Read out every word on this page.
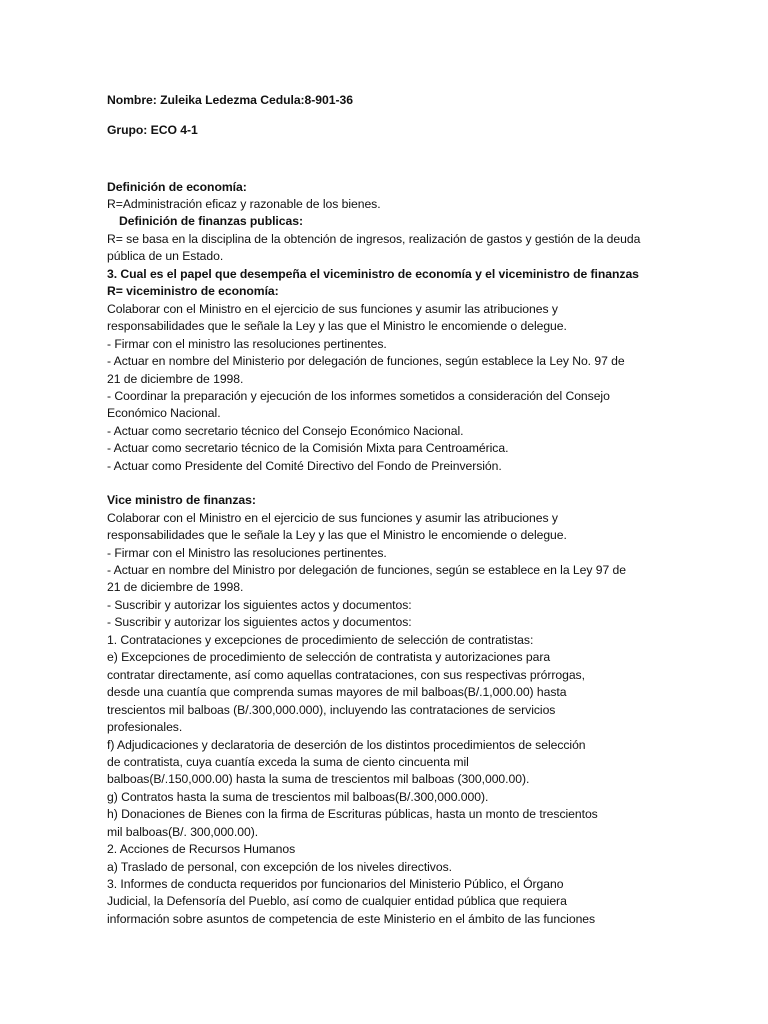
Nombre: Zuleika Ledezma Cedula:8-901-36
Grupo: ECO 4-1
Definición de economía:
R=Administración eficaz y razonable de los bienes.
Definición de finanzas publicas:
R= se basa en la disciplina de la obtención de ingresos, realización de gastos y gestión de la deuda
pública de un Estado.
3. Cual es el papel que desempeña el viceministro de economía y el viceministro de finanzas
R= viceministro de economía:
Colaborar con el Ministro en el ejercicio de sus funciones y asumir las atribuciones y
responsabilidades que le señale la Ley y las que el Ministro le encomiende o delegue.
- Firmar con el ministro las resoluciones pertinentes.
- Actuar en nombre del Ministerio por delegación de funciones, según establece la Ley No. 97 de
21 de diciembre de 1998.
- Coordinar la preparación y ejecución de los informes sometidos a consideración del Consejo
Económico Nacional.
- Actuar como secretario técnico del Consejo Económico Nacional.
- Actuar como secretario técnico de la Comisión Mixta para Centroamérica.
- Actuar como Presidente del Comité Directivo del Fondo de Preinversión.
Vice ministro de finanzas:
Colaborar con el Ministro en el ejercicio de sus funciones y asumir las atribuciones y
responsabilidades que le señale la Ley y las que el Ministro le encomiende o delegue.
- Firmar con el Ministro las resoluciones pertinentes.
- Actuar en nombre del Ministro por delegación de funciones, según se establece en la Ley 97 de
21 de diciembre de 1998.
- Suscribir y autorizar los siguientes actos y documentos:
- Suscribir y autorizar los siguientes actos y documentos:
1. Contrataciones y excepciones de procedimiento de selección de contratistas:
e) Excepciones de procedimiento de selección de contratista y autorizaciones para
contratar directamente, así como aquellas contrataciones, con sus respectivas prórrogas,
desde una cuantía que comprenda sumas mayores de mil balboas(B/.1,000.00) hasta
trescientos mil balboas (B/.300,000.000), incluyendo las contrataciones de servicios
profesionales.
f) Adjudicaciones y declaratoria de deserción de los distintos procedimientos de selección
de contratista, cuya cuantía exceda la suma de ciento cincuenta mil
balboas(B/.150,000.00) hasta la suma de trescientos mil balboas (300,000.00).
g) Contratos hasta la suma de trescientos mil balboas(B/.300,000.000).
h) Donaciones de Bienes con la firma de Escrituras públicas, hasta un monto de trescientos
mil balboas(B/. 300,000.00).
2. Acciones de Recursos Humanos
a) Traslado de personal, con excepción de los niveles directivos.
3. Informes de conducta requeridos por funcionarios del Ministerio Público, el Órgano
Judicial, la Defensoría del Pueblo, así como de cualquier entidad pública que requiera
información sobre asuntos de competencia de este Ministerio en el ámbito de las funciones
